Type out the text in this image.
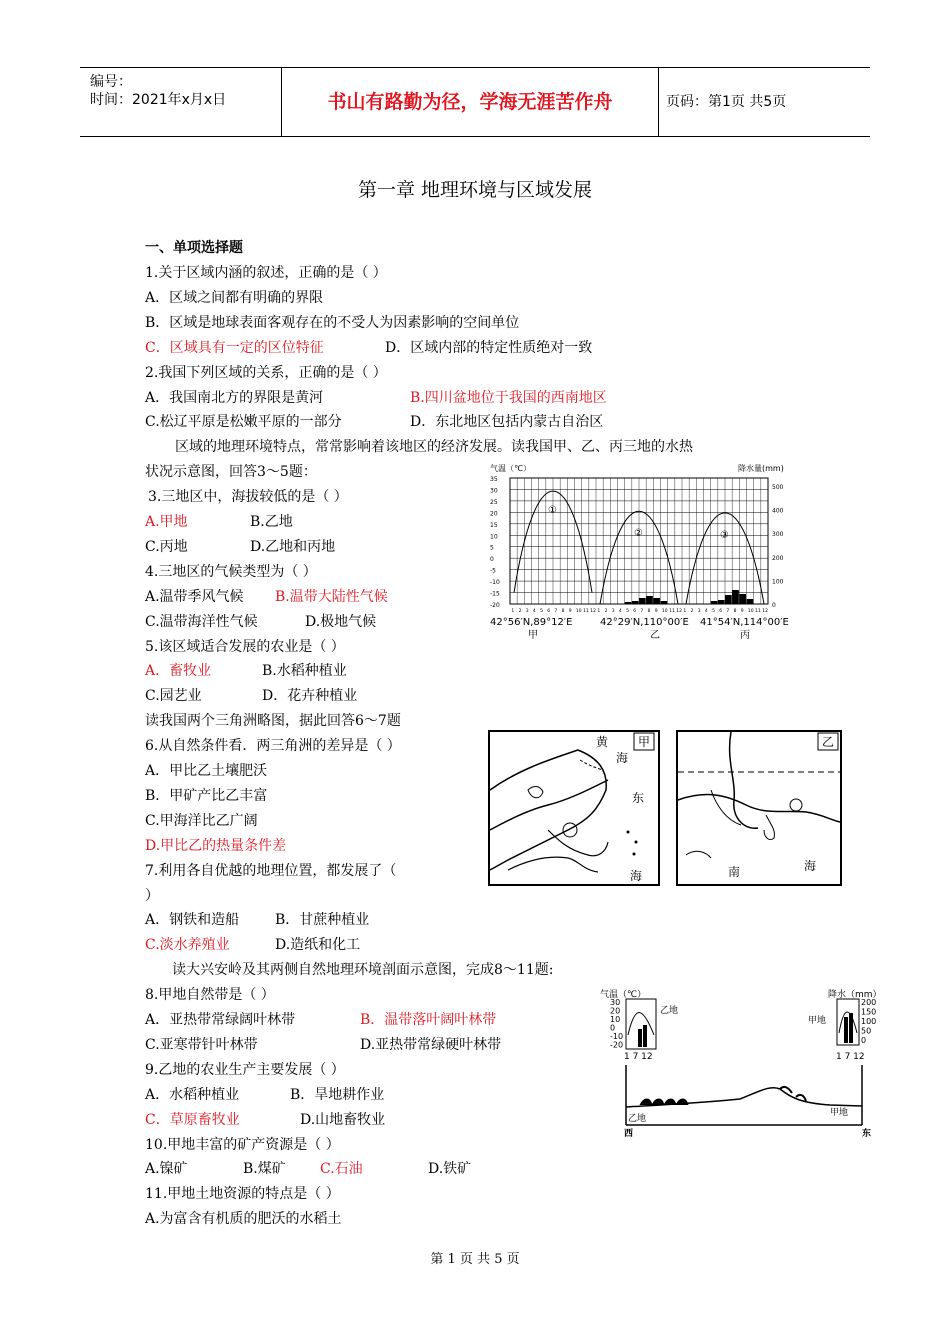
编号：
时间：2021年x月x日	书山有路勤为径，学海无涯苦作舟	页码：第1页 共5页
第一章 地理环境与区域发展
一、单项选择题
1.关于区域内涵的叙述，正确的是（ ）
A．区域之间都有明确的界限
B．区域是地球表面客观存在的不受人为因素影响的空间单位
C．区域具有一定的区位特征	D．区域内部的特定性质绝对一致
2.我国下列区域的关系，正确的是（ ）
A．我国南北方的界限是黄河	B.四川盆地位于我国的西南地区
C.松辽平原是松嫩平原的一部分	D．东北地区包括内蒙古自治区
区域的地理环境特点，常常影响着该地区的经济发展。读我国甲、乙、丙三地的水热
状况示意图，回答3～5题：
3.三地区中，海拔较低的是（ ）
A.甲地	B.乙地
C.丙地	D.乙地和丙地
4.三地区的气候类型为（ ）
A.温带季风气候 B.温带大陆性气候
C.温带海洋性气候	D.极地气候
5.该区域适合发展的农业是（ ）
A．畜牧业	B.水稻种植业
C.园艺业	D．花卉种植业
读我国两个三角洲略图，据此回答6～7题
6.从自然条件看．两三角洲的差异是（ ）
A．甲比乙土壤肥沃
B．甲矿产比乙丰富
C.甲海洋比乙广阔
D.甲比乙的热量条件差
7.利用各自优越的地理位置，都发展了（
）
A．钢铁和造船	B．甘蔗种植业
C.淡水养殖业	D.造纸和化工
读大兴安岭及其两侧自然地理环境剖面示意图，完成8～11题:
8.甲地自然带是（ ）
A．亚热带常绿阔叶林带	B．温带落叶阔叶林带
C.亚寒带针叶林带	D.亚热带常绿硬叶林带
9.乙地的农业生产主要发展（ ）
A．水稻种植业	B．旱地耕作业
C．草原畜牧业	D.山地畜牧业
10.甲地丰富的矿产资源是（ ）
A.镍矿	B.煤矿 C.石油	D.铁矿
11.甲地土地资源的特点是（ ）
A.为富含有机质的肥沃的水稻土
气温（℃）	降水量(mm)
35
30
25
20
15
10
5
0
-5
-10
-15
-20
500
400
300
200
100
0
1 2 3 4 5 6 7 8 9 10 11 12 1 2 3 4 5 6 7 8 9 10 11 12 1 2 3 4 5 6 7 8 9 10 11 12
①
②	③
42°56′N,89°12′E	42°29′N,110°00′E 41°54′N,114°00′E
甲	乙	丙
黄 甲
海
东
海
乙
南	海
气温（℃）	降水（mm）
30
20
10
0
-10
-20
200
150
100
50
0
乙地
1 7 12
甲地
1 7 12
乙地
甲地
西	东
第 1 页 共 5 页
